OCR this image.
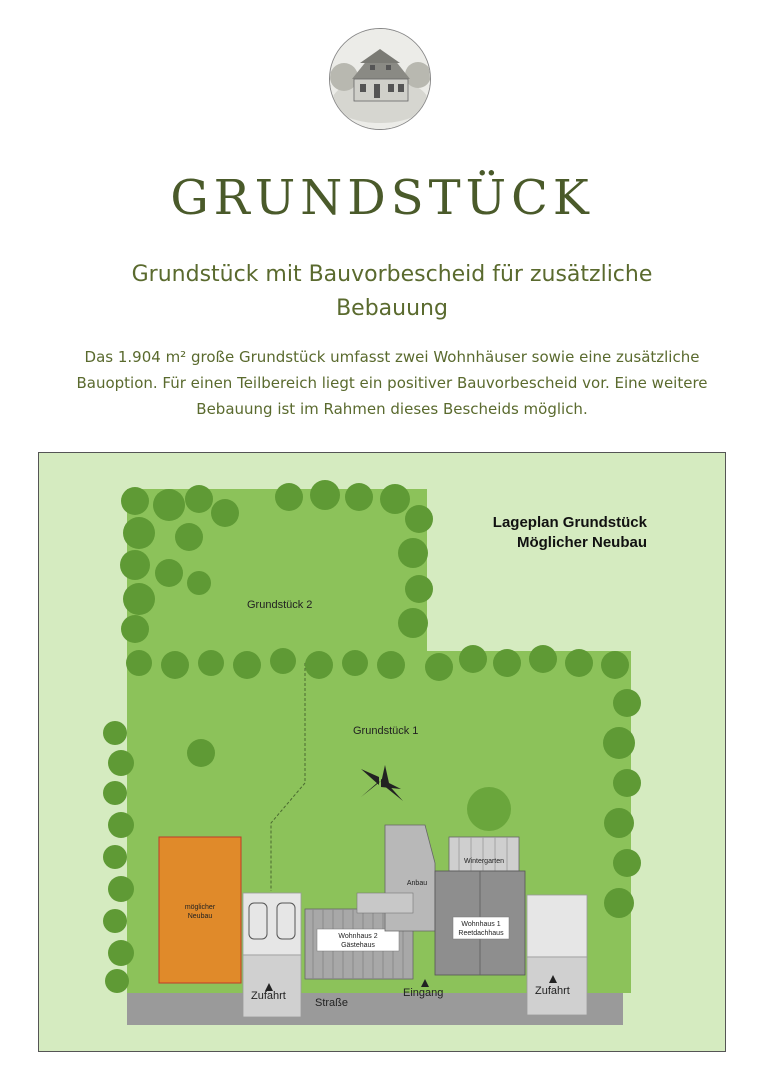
GRUNDSTÜCK
Grundstück mit Bauvorbescheid für zusätzliche
Bebauung

Das 1.904 m² große Grundstück umfasst zwei Wohnhäuser sowie eine zusätzliche
Bauoption. Für einen Teilbereich liegt ein positiver Bauvorbescheid vor. Eine weitere
Bebauung ist im Rahmen dieses Bescheids möglich.

Lageplan Grundstück
Möglicher Neubau
Grundstück 2
Grundstück 1
möglicher
Neubau
Anbau
Wintergarten
Wohnhaus 1
Reetdachhaus
Wohnhaus 2
Gästehaus
Zufahrt
Straße
Eingang	Zufahrt
